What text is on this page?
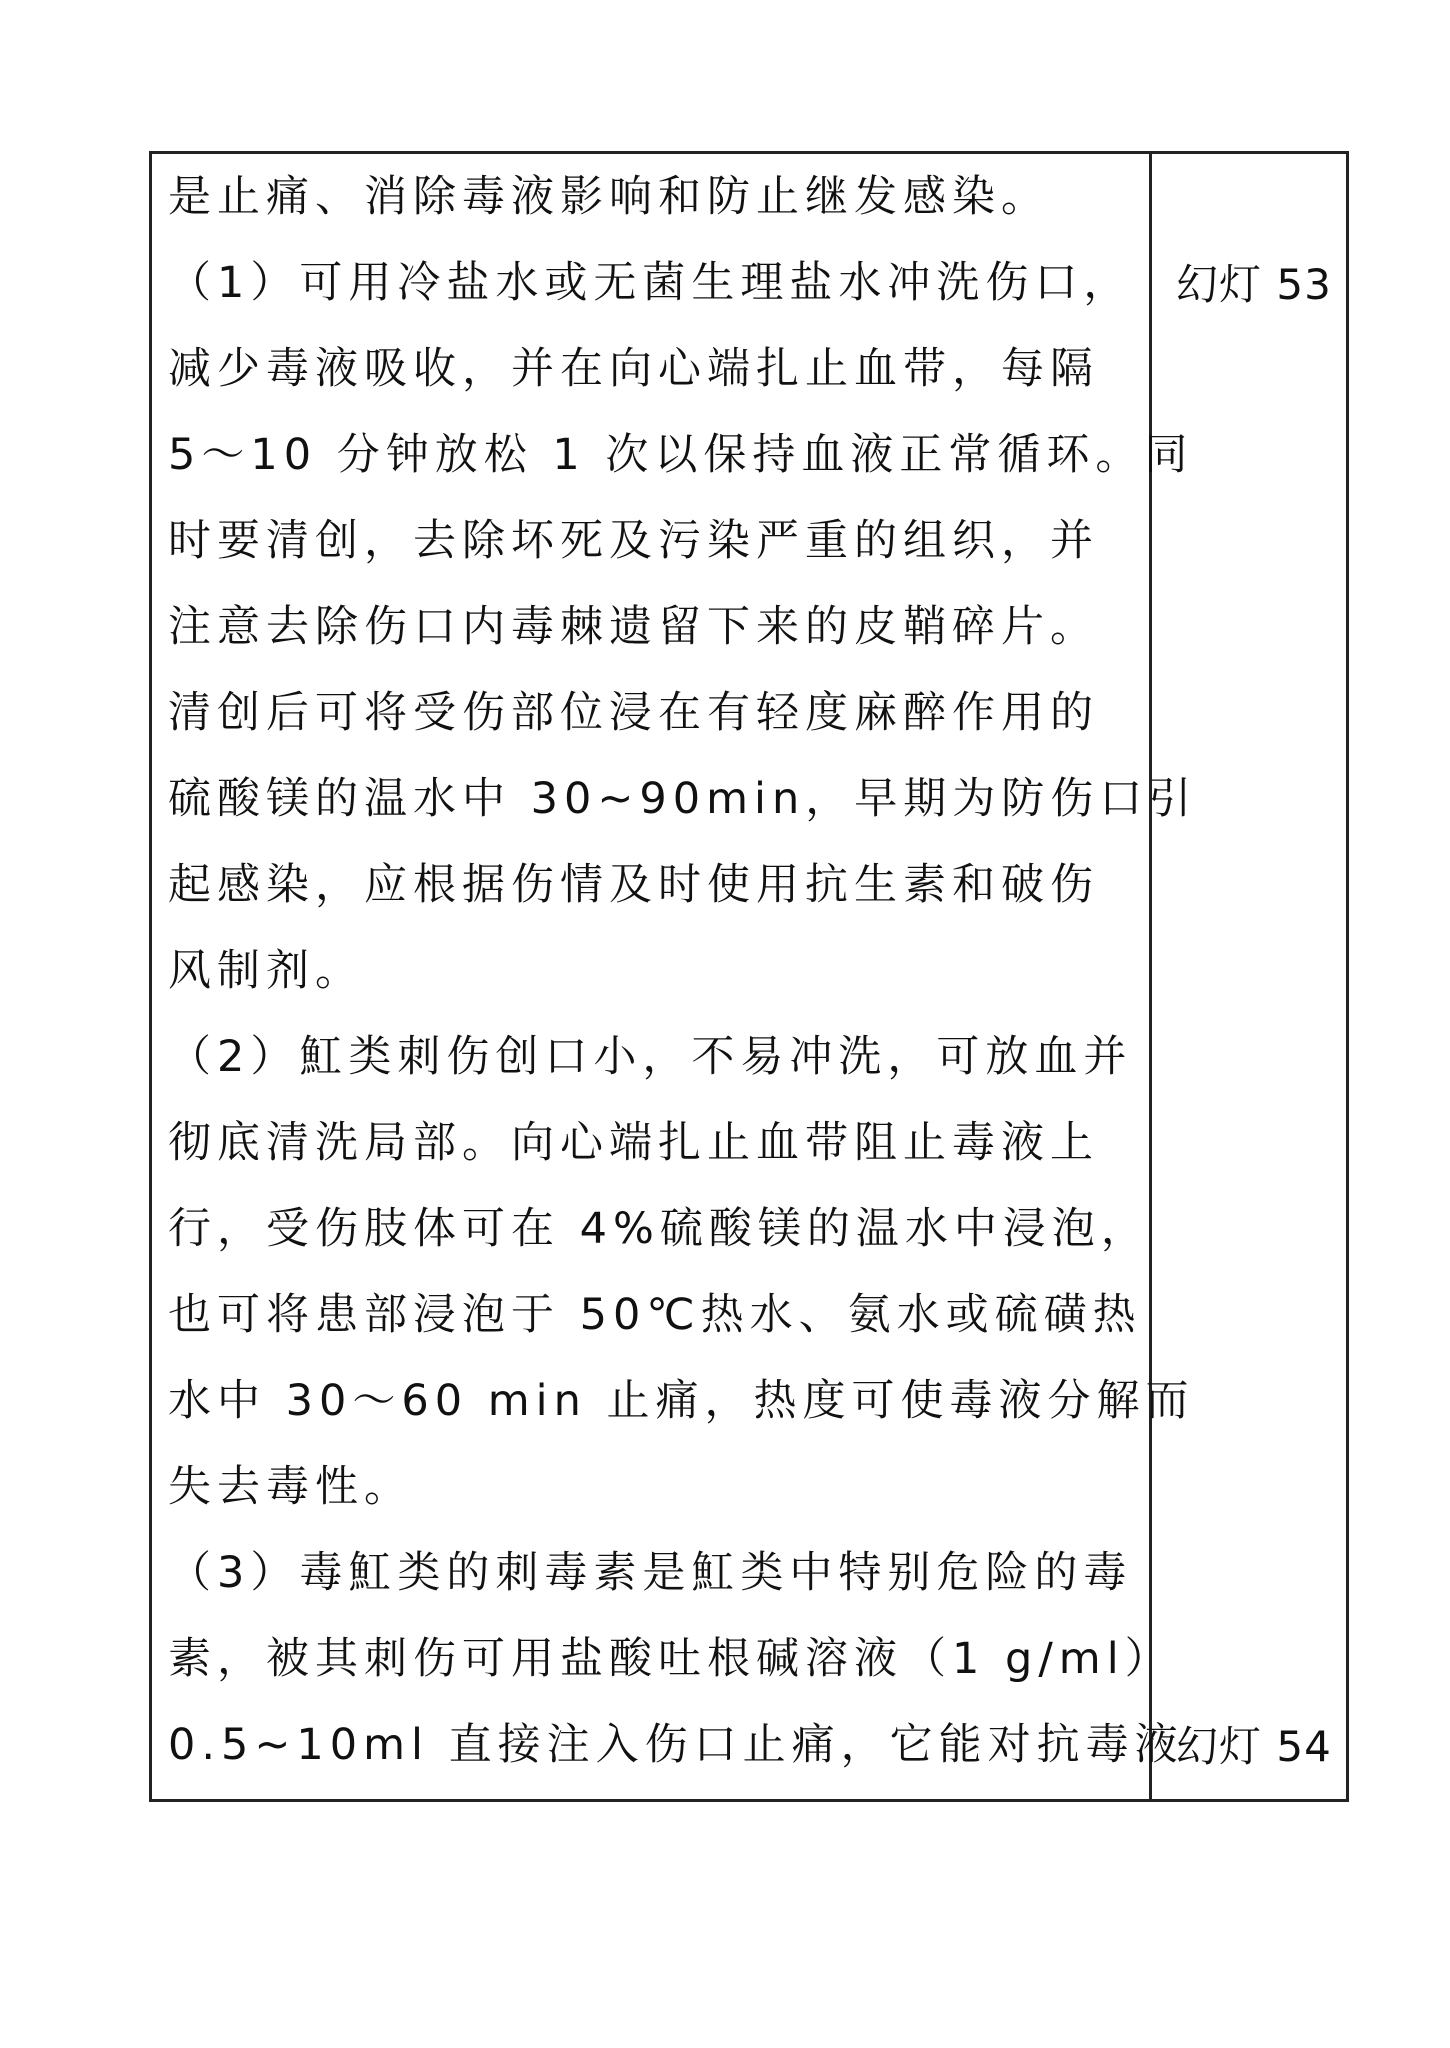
是止痛、消除毒液影响和防止继发感染。
（1）可用冷盐水或无菌生理盐水冲洗伤口，
减少毒液吸收，并在向心端扎止血带，每隔
5～10 分钟放松 1 次以保持血液正常循环。同
时要清创，去除坏死及污染严重的组织，并
注意去除伤口内毒棘遗留下来的皮鞘碎片。
清创后可将受伤部位浸在有轻度麻醉作用的
硫酸镁的温水中 30~90min，早期为防伤口引
起感染，应根据伤情及时使用抗生素和破伤
风制剂。
（2）魟类刺伤创口小，不易冲洗，可放血并
彻底清洗局部。向心端扎止血带阻止毒液上
行，受伤肢体可在 4%硫酸镁的温水中浸泡，
也可将患部浸泡于 50℃热水、氨水或硫磺热
水中 30～60 min 止痛，热度可使毒液分解而
失去毒性。
（3）毒魟类的刺毒素是魟类中特别危险的毒
素，被其刺伤可用盐酸吐根碱溶液（1 g/ml）
0.5~10ml 直接注入伤口止痛，它能对抗毒液
幻灯 53
幻灯 54
